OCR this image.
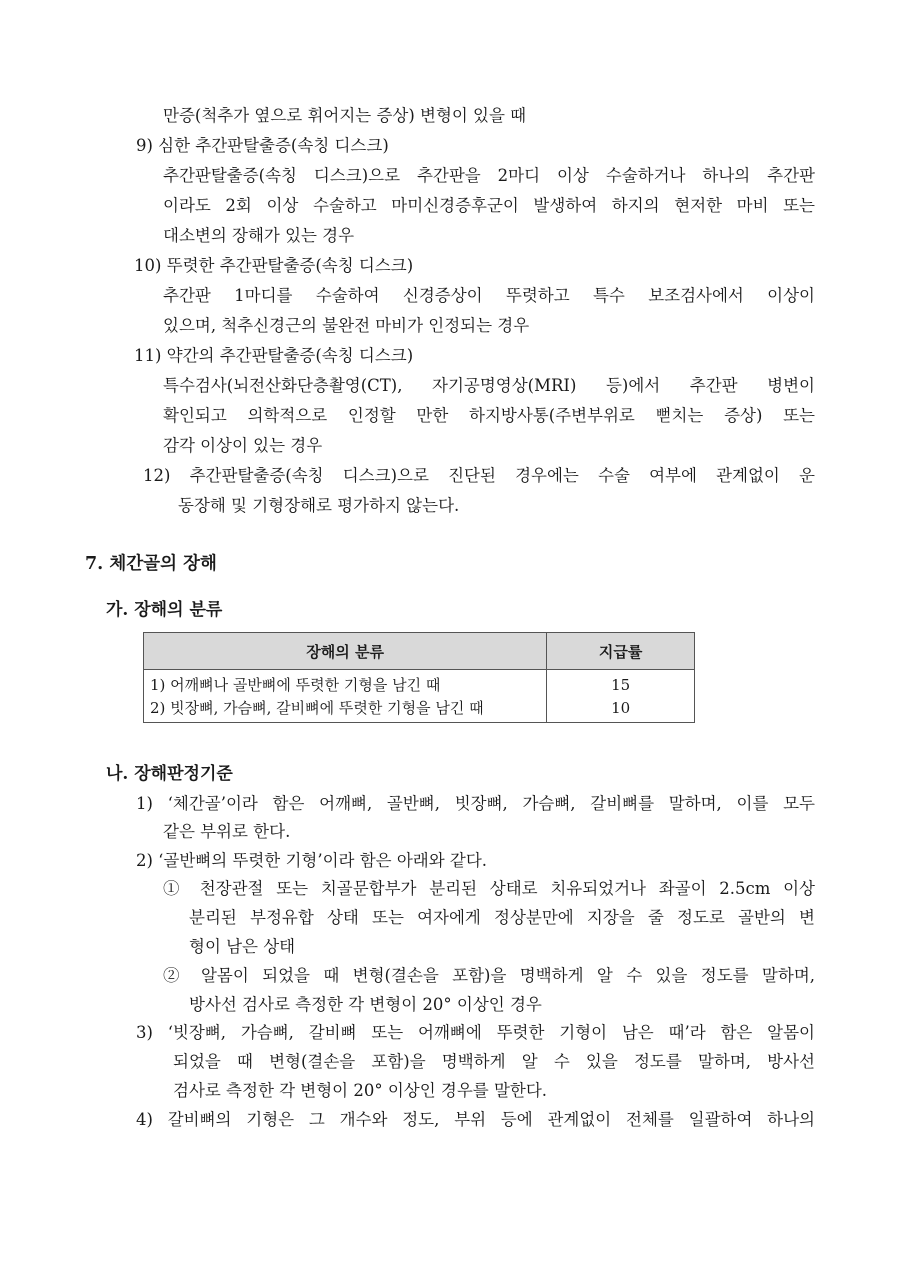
만증(척추가 옆으로 휘어지는 증상) 변형이 있을 때
9) 심한 추간판탈출증(속칭 디스크)
추간판탈출증(속칭 디스크)으로 추간판을 2마디 이상 수술하거나 하나의 추간판
이라도 2회 이상 수술하고 마미신경증후군이 발생하여 하지의 현저한 마비 또는
대소변의 장해가 있는 경우
10) 뚜렷한 추간판탈출증(속칭 디스크)
추간판 1마디를 수술하여 신경증상이 뚜렷하고 특수 보조검사에서 이상이
있으며, 척추신경근의 불완전 마비가 인정되는 경우
11) 약간의 추간판탈출증(속칭 디스크)
특수검사(뇌전산화단층촬영(CT), 자기공명영상(MRI) 등)에서 추간판 병변이
확인되고 의학적으로 인정할 만한 하지방사통(주변부위로 뻗치는 증상) 또는
감각 이상이 있는 경우
12) 추간판탈출증(속칭 디스크)으로 진단된 경우에는 수술 여부에 관계없이 운
동장해 및 기형장해로 평가하지 않는다.
7. 체간골의 장해
가. 장해의 분류
장해의 분류	지급률
1) 어깨뼈나 골반뼈에 뚜렷한 기형을 남긴 때	15
2) 빗장뼈, 가슴뼈, 갈비뼈에 뚜렷한 기형을 남긴 때	10
나. 장해판정기준
1) ‘체간골’이라 함은 어깨뼈, 골반뼈, 빗장뼈, 가슴뼈, 갈비뼈를 말하며, 이를 모두
같은 부위로 한다.
2) ‘골반뼈의 뚜렷한 기형’이라 함은 아래와 같다.
① 천장관절 또는 치골문합부가 분리된 상태로 치유되었거나 좌골이 2.5cm 이상
분리된 부정유합 상태 또는 여자에게 정상분만에 지장을 줄 정도로 골반의 변
형이 남은 상태
② 알몸이 되었을 때 변형(결손을 포함)을 명백하게 알 수 있을 정도를 말하며,
방사선 검사로 측정한 각 변형이 20° 이상인 경우
3) ‘빗장뼈, 가슴뼈, 갈비뼈 또는 어깨뼈에 뚜렷한 기형이 남은 때’라 함은 알몸이
되었을 때 변형(결손을 포함)을 명백하게 알 수 있을 정도를 말하며, 방사선
검사로 측정한 각 변형이 20° 이상인 경우를 말한다.
4) 갈비뼈의 기형은 그 개수와 정도, 부위 등에 관계없이 전체를 일괄하여 하나의
